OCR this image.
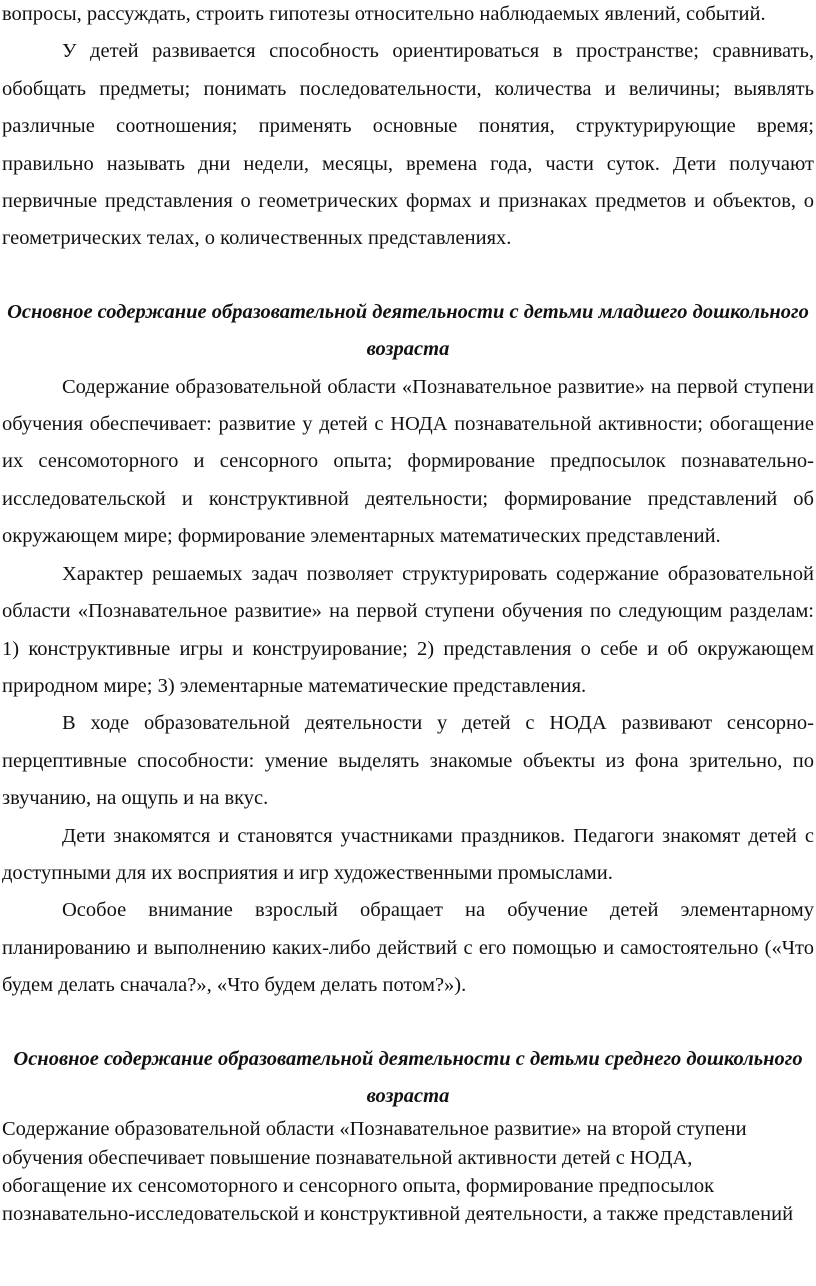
вопросы, рассуждать, строить гипотезы относительно наблюдаемых явлений, событий.

У детей развивается способность ориентироваться в пространстве; сравнивать, обобщать предметы; понимать последовательности, количества и величины; выявлять различные соотношения; применять основные понятия, структурирующие время; правильно называть дни недели, месяцы, времена года, части суток. Дети получают первичные представления о геометрических формах и признаках предметов и объектов, о геометрических телах, о количественных представлениях.

Основное содержание образовательной деятельности с детьми младшего дошкольного возраста

Содержание образовательной области «Познавательное развитие» на первой ступени обучения обеспечивает: развитие у детей с НОДА познавательной активности; обогащение их сенсомоторного и сенсорного опыта; формирование предпосылок познавательно-исследовательской и конструктивной деятельности; формирование представлений об окружающем мире; формирование элементарных математических представлений.

Характер решаемых задач позволяет структурировать содержание образовательной области «Познавательное развитие» на первой ступени обучения по следующим разделам: 1) конструктивные игры и конструирование; 2) представления о себе и об окружающем природном мире; 3) элементарные математические представления.

В ходе образовательной деятельности у детей с НОДА развивают сенсорно-перцептивные способности: умение выделять знакомые объекты из фона зрительно, по звучанию, на ощупь и на вкус.

Дети знакомятся и становятся участниками праздников. Педагоги знакомят детей с доступными для их восприятия и игр художественными промыслами.

Особое внимание взрослый обращает на обучение детей элементарному планированию и выполнению каких-либо действий с его помощью и самостоятельно («Что будем делать сначала?», «Что будем делать потом?»).

Основное содержание образовательной деятельности с детьми среднего дошкольного возраста

Содержание образовательной области «Познавательное развитие» на второй ступени
обучения обеспечивает повышение познавательной активности детей с НОДА,
обогащение их сенсомоторного и сенсорного опыта, формирование предпосылок
познавательно-исследовательской и конструктивной деятельности, а также представлений
